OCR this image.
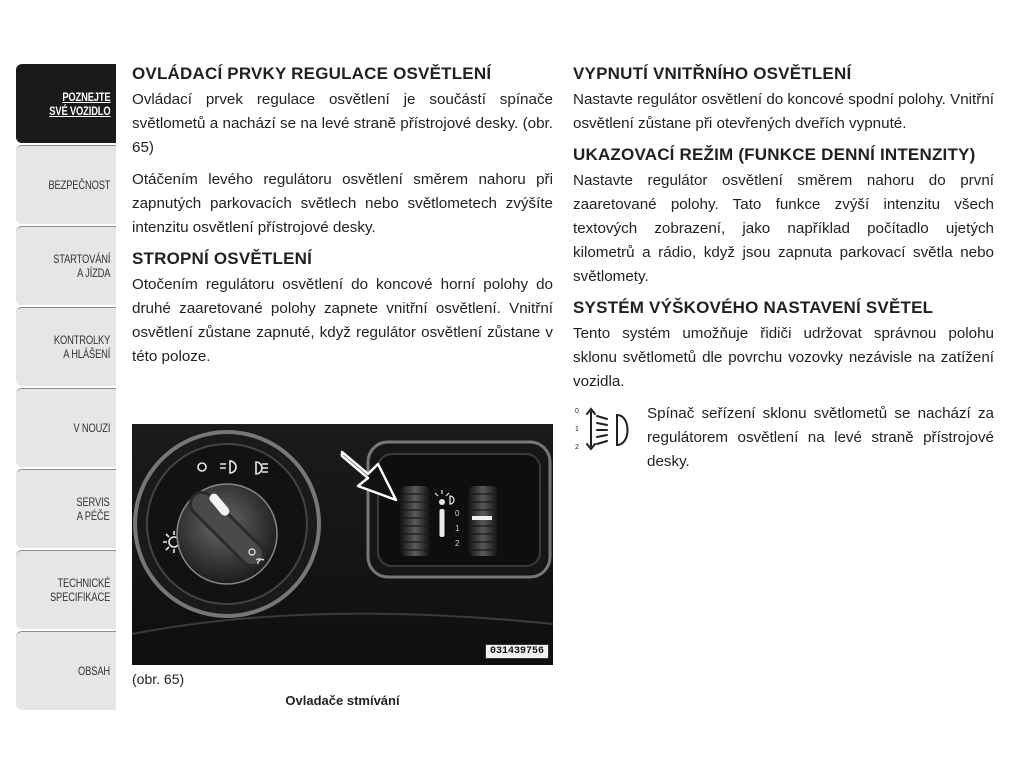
POZNEJTE
SVÉ VOZIDLO
BEZPEČNOST
STARTOVÁNÍ
A JÍZDA
KONTROLKY
A HLÁŠENÍ
V NOUZI
SERVIS
A PÉČE
TECHNICKÉ
SPECIFIKACE
OBSAH
OVLÁDACÍ PRVKY REGULACE OSVĚTLENÍ

Ovládací prvek regulace osvětlení je součástí spínače světlometů a nachází se na levé straně přístrojové desky. (obr. 65)

Otáčením levého regulátoru osvětlení směrem nahoru při zapnutých parkovacích světlech nebo světlometech zvýšíte intenzitu osvětlení přístrojové desky.

STROPNÍ OSVĚTLENÍ

Otočením regulátoru osvětlení do koncové horní polohy do druhé zaaretované polohy zapnete vnitřní osvětlení. Vnitřní osvětlení zůstane zapnuté, když regulátor osvětlení zůstane v této poloze.

0
1
2
031439756
(obr. 65)
Ovladače stmívání
VYPNUTÍ VNITŘNÍHO OSVĚTLENÍ

Nastavte regulátor osvětlení do koncové spodní polohy. Vnitřní osvětlení zůstane při otevřených dveřích vypnuté.

UKAZOVACÍ REŽIM (FUNKCE DENNÍ INTENZITY)

Nastavte regulátor osvětlení směrem nahoru do první zaaretované polohy. Tato funkce zvýší intenzitu všech textových zobrazení, jako například počítadlo ujetých kilometrů a rádio, když jsou zapnuta parkovací světla nebo světlomety.

SYSTÉM VÝŠKOVÉHO NASTAVENÍ SVĚTEL

Tento systém umožňuje řidiči udržovat správnou polohu sklonu světlometů dle povrchu vozovky nezávisle na zatížení vozidla.

0
1
2

Spínač seřízení sklonu světlometů se nachází za regulátorem osvětlení na levé straně přístrojové desky.
